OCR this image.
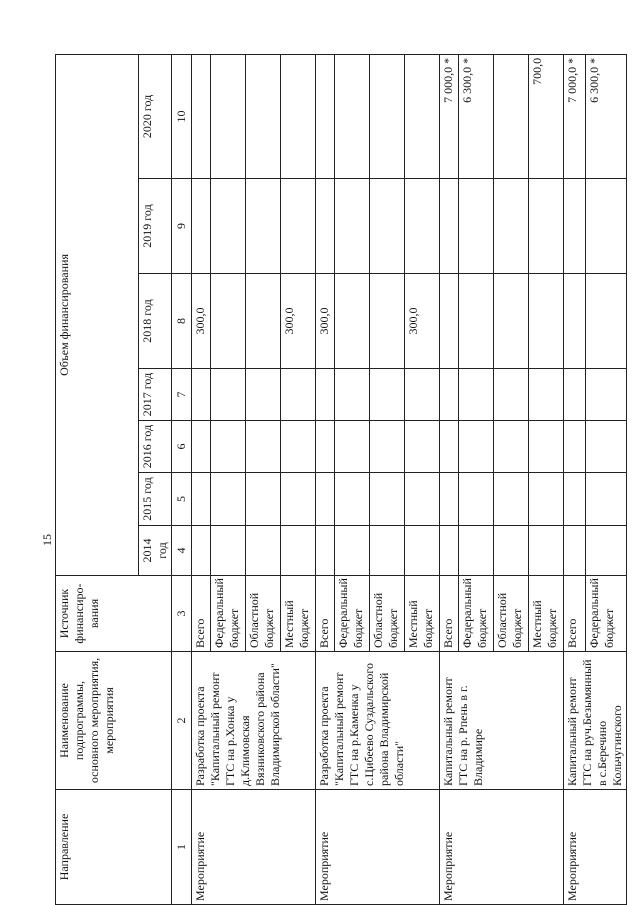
15
Направление	Наименование подпрограммы, основного мероприятия, мероприятия	Источник финансиро-вания	Объем финансирования						
			2014 год	2015 год	2016 год	2017 год	2018 год	2019 год	2020 год
1	2	3	4	5	6	7	8	9	10
Мероприятие	Разработка проекта "Капитальный ремонт ГТС на р.Хонка у д.Климовская Вязниковского района Владимирской области"	Всего					300,0		
		Федеральный бюджет							
		Областной бюджет							
		Местный бюджет					300,0		
Мероприятие	Разработка проекта "Капитальный ремонт ГТС на р.Каменка у с.Цибеево Суздальского района Владимирской области"	Всего					300,0		
		Федеральный бюджет							
		Областной бюджет							
		Местный бюджет					300,0		
Мероприятие	Капитальный ремонт ГТС на р. Рпень в г. Владимире	Всего							7 000,0 *
		Федеральный бюджет							6 300,0 *
		Областной бюджет							
		Местный бюджет							700,0
Мероприятие	Капитальный ремонт ГТС на руч.Безымянный в с.Беречино Кольчугинского	Всего							7 000,0 *
		Федеральный бюджет							6 300,0 *
